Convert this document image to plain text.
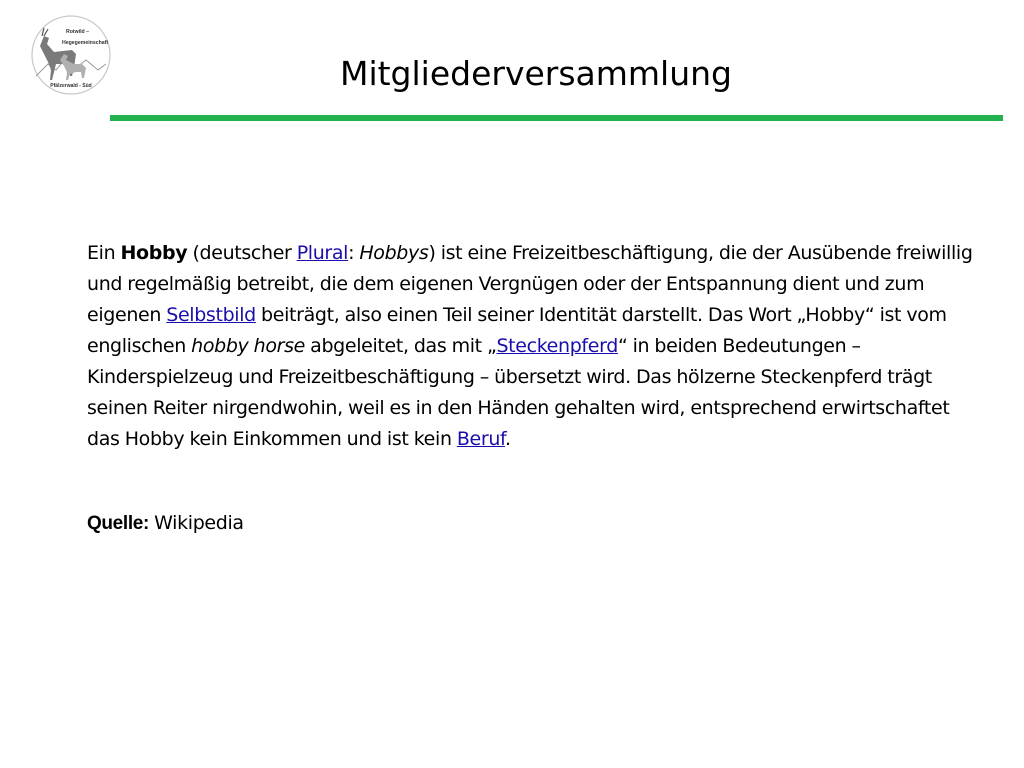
Rotwild –
Hegegemeinschaft
Pfälzerwald - Süd	Mitgliederversammlung

Ein Hobby (deutscher Plural: Hobbys) ist eine Freizeitbeschäftigung, die der Ausübende freiwillig und regelmäßig betreibt, die dem eigenen Vergnügen oder der Entspannung dient und zum eigenen Selbstbild beiträgt, also einen Teil seiner Identität darstellt. Das Wort „Hobby“ ist vom englischen hobby horse abgeleitet, das mit „Steckenpferd“ in beiden Bedeutungen – Kinderspielzeug und Freizeitbeschäftigung – übersetzt wird. Das hölzerne Steckenpferd trägt seinen Reiter nirgendwohin, weil es in den Händen gehalten wird, entsprechend erwirtschaftet das Hobby kein Einkommen und ist kein Beruf.

Quelle: Wikipedia
